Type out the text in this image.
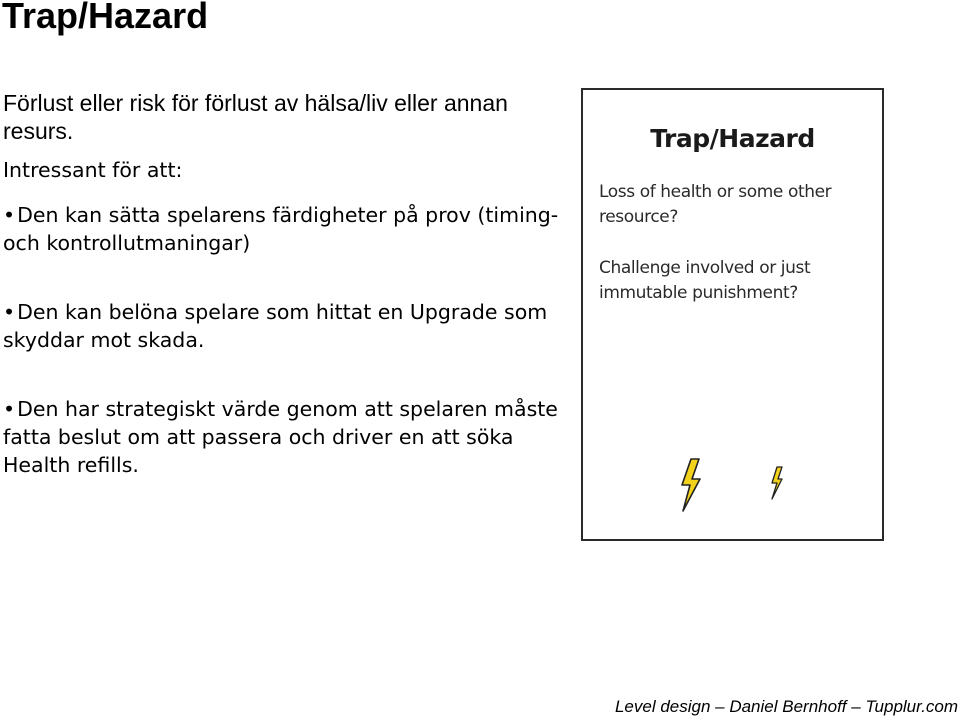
Trap/Hazard
Förlust eller risk för förlust av hälsa/liv eller annan resurs.
Intressant för att:
•Den kan sätta spelarens färdigheter på prov (timing- och kontrollutmaningar)
•Den kan belöna spelare som hittat en Upgrade som skyddar mot skada.
•Den har strategiskt värde genom att spelaren måste fatta beslut om att passera och driver en att söka Health refills.
Trap/Hazard
Loss of health or some other resource?
Challenge involved or just immutable punishment?
Level design – Daniel Bernhoff – Tupplur.com
